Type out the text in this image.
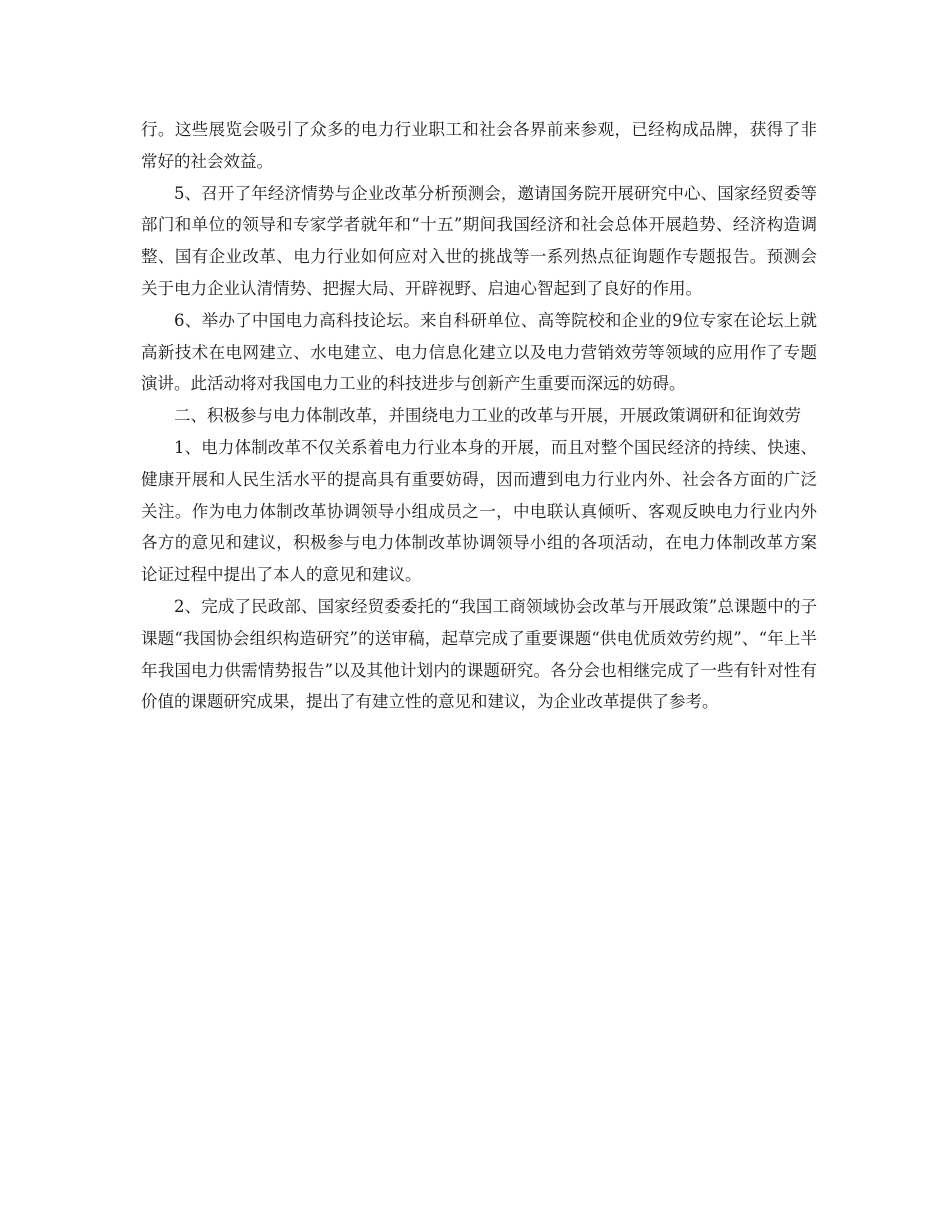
行。这些展览会吸引了众多的电力行业职工和社会各界前来参观，已经构成品牌，获得了非常好的社会效益。

5、召开了年经济情势与企业改革分析预测会，邀请国务院开展研究中心、国家经贸委等部门和单位的领导和专家学者就年和“十五”期间我国经济和社会总体开展趋势、经济构造调整、国有企业改革、电力行业如何应对入世的挑战等一系列热点征询题作专题报告。预测会关于电力企业认清情势、把握大局、开辟视野、启迪心智起到了良好的作用。

6、举办了中国电力高科技论坛。来自科研单位、高等院校和企业的9位专家在论坛上就高新技术在电网建立、水电建立、电力信息化建立以及电力营销效劳等领域的应用作了专题演讲。此活动将对我国电力工业的科技进步与创新产生重要而深远的妨碍。

二、积极参与电力体制改革，并围绕电力工业的改革与开展，开展政策调研和征询效劳

1、电力体制改革不仅关系着电力行业本身的开展，而且对整个国民经济的持续、快速、健康开展和人民生活水平的提高具有重要妨碍，因而遭到电力行业内外、社会各方面的广泛关注。作为电力体制改革协调领导小组成员之一，中电联认真倾听、客观反映电力行业内外各方的意见和建议，积极参与电力体制改革协调领导小组的各项活动，在电力体制改革方案论证过程中提出了本人的意见和建议。

2、完成了民政部、国家经贸委委托的“我国工商领域协会改革与开展政策”总课题中的子课题“我国协会组织构造研究”的送审稿，起草完成了重要课题“供电优质效劳约规”、“年上半年我国电力供需情势报告”以及其他计划内的课题研究。各分会也相继完成了一些有针对性有价值的课题研究成果，提出了有建立性的意见和建议，为企业改革提供了参考。
